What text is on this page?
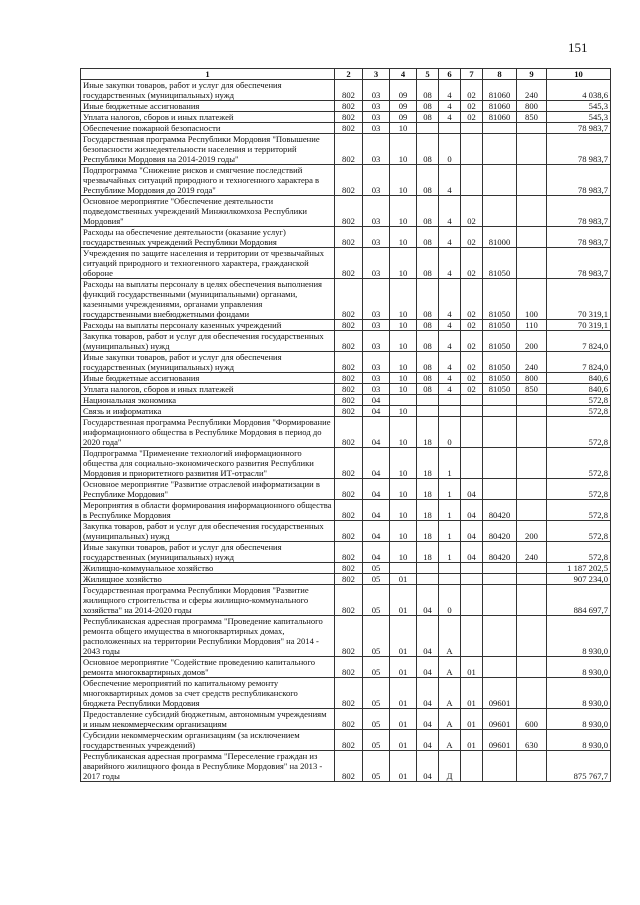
151
1	2	3	4	5	6	7	8	9	10
Иные закупки товаров, работ и услуг для обеспечения государственных (муниципальных) нужд	802	03	09	08	4	02	81060	240	4 038,6
Иные бюджетные ассигнования	802	03	09	08	4	02	81060	800	545,3
Уплата налогов, сборов и иных платежей	802	03	09	08	4	02	81060	850	545,3
Обеспечение пожарной безопасности	802	03	10						78 983,7
Государственная программа Республики Мордовия "Повышение безопасности жизнедеятельности населения и территорий Республики Мордовия на 2014-2019 годы"	802	03	10	08	0				78 983,7
Подпрограмма "Снижение рисков и смягчение последствий чрезвычайных ситуаций природного и техногенного характера в Республике Мордовия до 2019 года"	802	03	10	08	4				78 983,7
Основное мероприятие "Обеспечение деятельности подведомственных учреждений Минжилкомхоза Республики Мордовия"	802	03	10	08	4	02			78 983,7
Расходы на обеспечение деятельности (оказание услуг) государственных учреждений Республики Мордовия	802	03	10	08	4	02	81000		78 983,7
Учреждения по защите населения и территории от чрезвычайных ситуаций природного и техногенного характера, гражданской обороне	802	03	10	08	4	02	81050		78 983,7
Расходы на выплаты персоналу в целях обеспечения выполнения функций государственными (муниципальными) органами, казенными учреждениями, органами управления государственными внебюджетными фондами	802	03	10	08	4	02	81050	100	70 319,1
Расходы на выплаты персоналу казенных учреждений	802	03	10	08	4	02	81050	110	70 319,1
Закупка товаров, работ и услуг для обеспечения государственных (муниципальных) нужд	802	03	10	08	4	02	81050	200	7 824,0
Иные закупки товаров, работ и услуг для обеспечения государственных (муниципальных) нужд	802	03	10	08	4	02	81050	240	7 824,0
Иные бюджетные ассигнования	802	03	10	08	4	02	81050	800	840,6
Уплата налогов, сборов и иных платежей	802	03	10	08	4	02	81050	850	840,6
Национальная экономика	802	04							572,8
Связь и информатика	802	04	10						572,8
Государственная программа Республики Мордовия "Формирование информационного общества в Республике Мордовия в период до 2020 года"	802	04	10	18	0				572,8
Подпрограмма "Применение технологий информационного общества для социально-экономического развития Республики Мордовия и приоритетного развития ИТ-отрасли"	802	04	10	18	1				572,8
Основное мероприятие "Развитие отраслевой информатизации в Республике Мордовия"	802	04	10	18	1	04			572,8
Мероприятия в области формирования информационного общества в Республике Мордовия	802	04	10	18	1	04	80420		572,8
Закупка товаров, работ и услуг для обеспечения государственных (муниципальных) нужд	802	04	10	18	1	04	80420	200	572,8
Иные закупки товаров, работ и услуг для обеспечения государственных (муниципальных) нужд	802	04	10	18	1	04	80420	240	572,8
Жилищно-коммунальное хозяйство	802	05							1 187 202,5
Жилищное хозяйство	802	05	01						907 234,0
Государственная программа Республики Мордовия "Развитие жилищного строительства и сферы жилищно-коммунального хозяйства" на 2014-2020 годы	802	05	01	04	0				884 697,7
Республиканская адресная программа "Проведение капитального ремонта общего имущества в многоквартирных домах, расположенных на территории Республики Мордовия" на 2014 - 2043 годы	802	05	01	04	А				8 930,0
Основное мероприятие "Содействие проведению капитального ремонта многоквартирных домов"	802	05	01	04	А	01			8 930,0
Обеспечение мероприятий по капитальному ремонту многоквартирных домов за счет средств республиканского бюджета Республики Мордовия	802	05	01	04	А	01	09601		8 930,0
Предоставление субсидий бюджетным, автономным учреждениям и иным некоммерческим организациям	802	05	01	04	А	01	09601	600	8 930,0
Субсидии некоммерческим организациям (за исключением государственных учреждений)	802	05	01	04	А	01	09601	630	8 930,0
Республиканская адресная программа "Переселение граждан из аварийного жилищного фонда в Республике Мордовия" на 2013 - 2017 годы	802	05	01	04	Д				875 767,7
